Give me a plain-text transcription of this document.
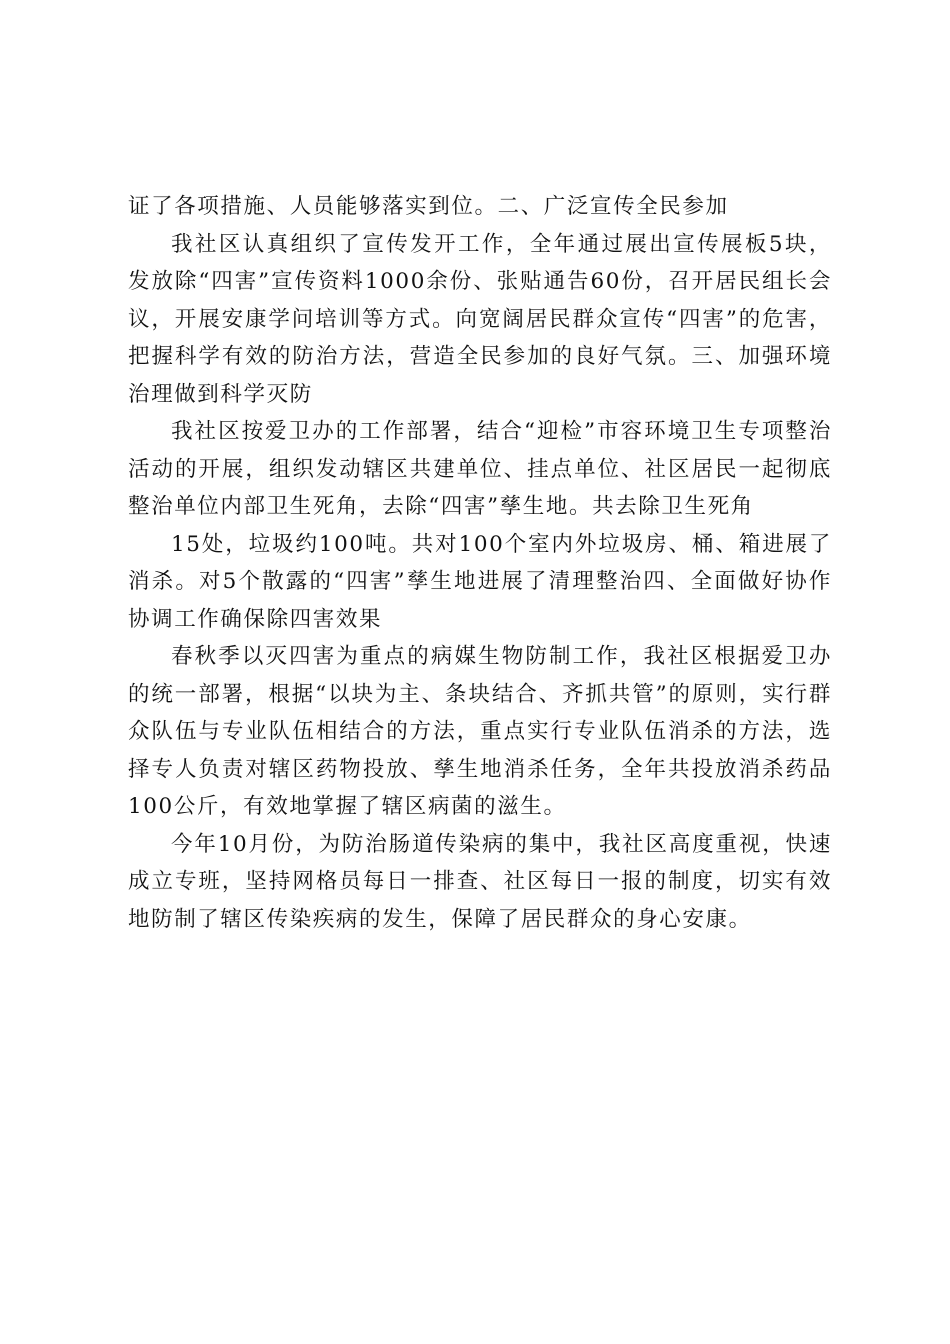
证了各项措施、人员能够落实到位。二、广泛宣传全民参加

我社区认真组织了宣传发开工作，全年通过展出宣传展板5块，发放除“四害”宣传资料1000余份、张贴通告60份，召开居民组长会议，开展安康学问培训等方式。向宽阔居民群众宣传“四害”的危害，把握科学有效的防治方法，营造全民参加的良好气氛。三、加强环境治理做到科学灭防

我社区按爱卫办的工作部署，结合“迎检”市容环境卫生专项整治活动的开展，组织发动辖区共建单位、挂点单位、社区居民一起彻底整治单位内部卫生死角，去除“四害”孳生地。共去除卫生死角

15处，垃圾约100吨。共对100个室内外垃圾房、桶、箱进展了消杀。对5个散露的“四害”孳生地进展了清理整治四、全面做好协作协调工作确保除四害效果

春秋季以灭四害为重点的病媒生物防制工作，我社区根据爱卫办的统一部署，根据“以块为主、条块结合、齐抓共管”的原则，实行群众队伍与专业队伍相结合的方法，重点实行专业队伍消杀的方法，选择专人负责对辖区药物投放、孳生地消杀任务，全年共投放消杀药品100公斤，有效地掌握了辖区病菌的滋生。

今年10月份，为防治肠道传染病的集中，我社区高度重视，快速成立专班，坚持网格员每日一排查、社区每日一报的制度，切实有效地防制了辖区传染疾病的发生，保障了居民群众的身心安康。
